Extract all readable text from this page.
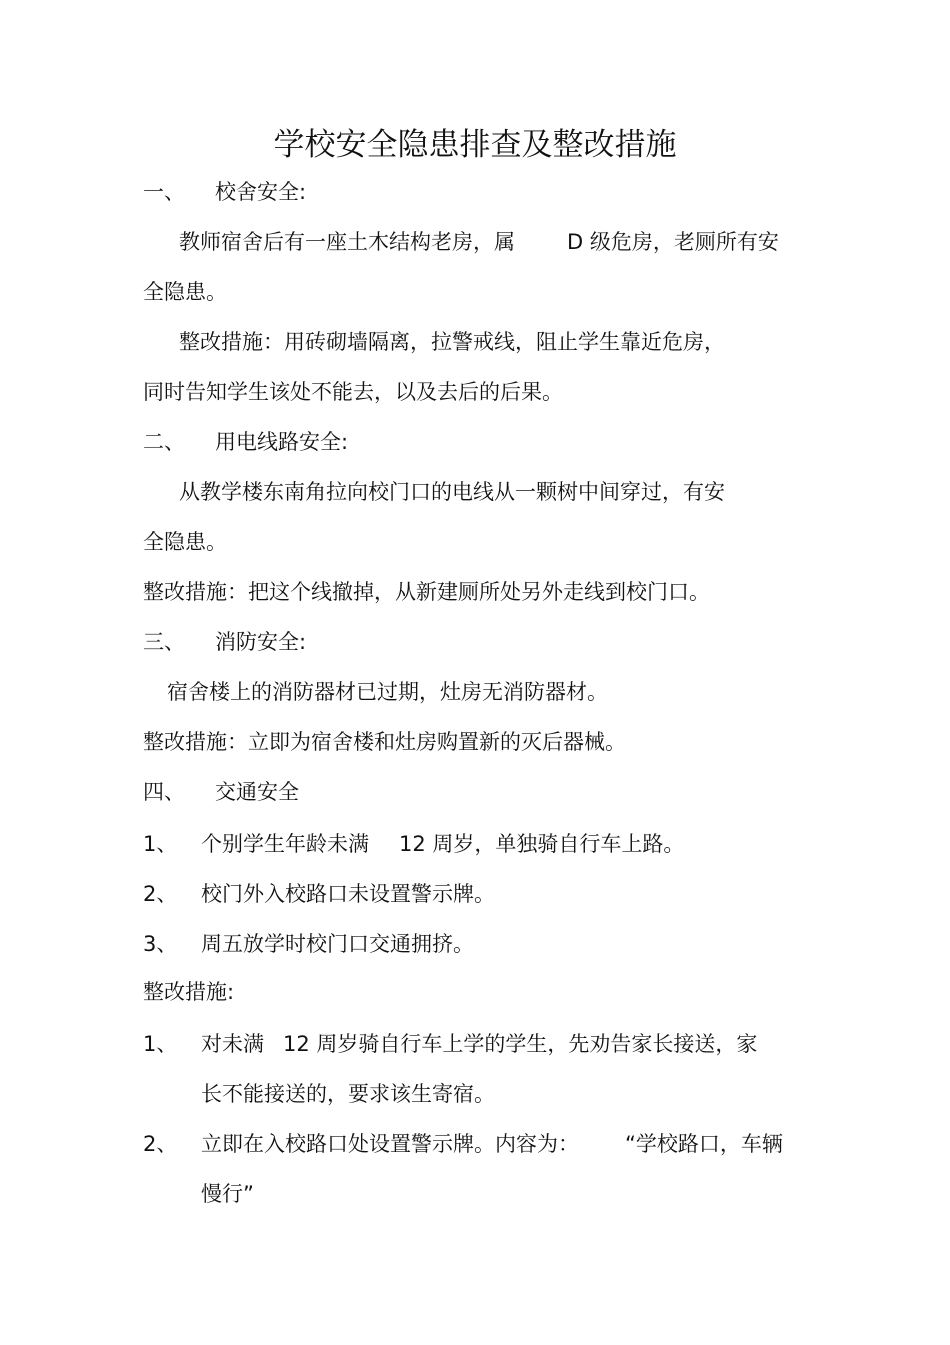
学校安全隐患排查及整改措施

一、 校舍安全:

教师宿舍后有一座土木结构老房，属 D 级危房，老厕所有安

全隐患。

整改措施：用砖砌墙隔离，拉警戒线，阻止学生靠近危房，

同时告知学生该处不能去，以及去后的后果。

二、 用电线路安全:

从教学楼东南角拉向校门口的电线从一颗树中间穿过，有安

全隐患。

整改措施：把这个线撤掉，从新建厕所处另外走线到校门口。

三、 消防安全:

宿舍楼上的消防器材已过期，灶房无消防器材。

整改措施：立即为宿舍楼和灶房购置新的灭后器械。

四、 交通安全

1、 个别学生年龄未满 12 周岁，单独骑自行车上路。

2、 校门外入校路口未设置警示牌。

3、 周五放学时校门口交通拥挤。

整改措施:

1、 对未满 12 周岁骑自行车上学的学生，先劝告家长接送，家

长不能接送的，要求该生寄宿。

2、 立即在入校路口处设置警示牌。内容为： “学校路口，车辆

慢行”
